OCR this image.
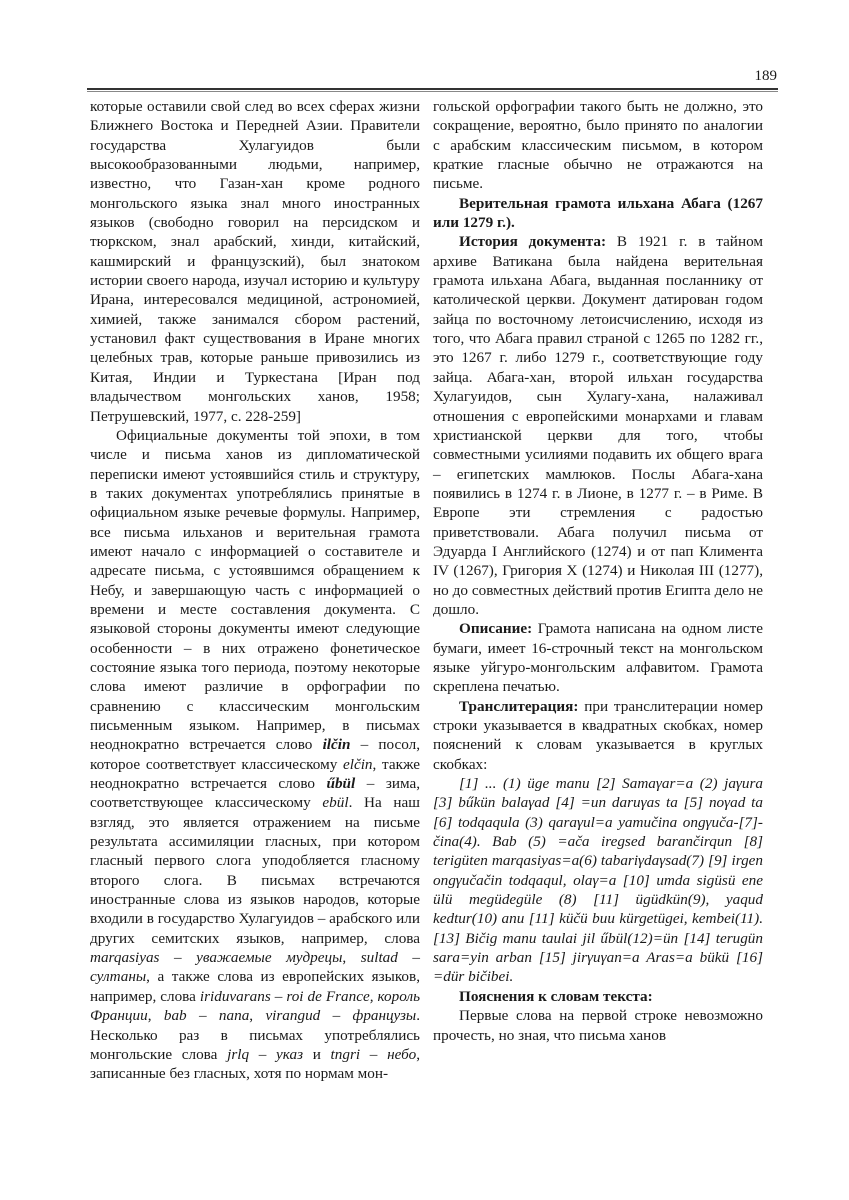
189

которые оставили свой след во всех сферах жизни Ближнего Востока и Передней Азии. Правители государства Хулагуидов были высокообразованными людьми, например, известно, что Газан-хан кроме родного монгольского языка знал много иностранных языков (свободно говорил на персидском и тюркском, знал арабский, хинди, китайский, кашмирский и французский), был знатоком истории своего народа, изучал историю и культуру Ирана, интересовался медициной, астрономией, химией, также занимался сбором растений, установил факт существования в Иране многих целебных трав, которые раньше привозились из Китая, Индии и Туркестана [Иран под владычеством монгольских ханов, 1958; Петрушевский, 1977, с. 228-259]

Официальные документы той эпохи, в том числе и письма ханов из дипломатической переписки имеют устоявшийся стиль и структуру, в таких документах употреблялись принятые в официальном языке речевые формулы. Например, все письма ильханов и верительная грамота имеют начало с информацией о составителе и адресате письма, с устоявшимся обращением к Небу, и завершающую часть с информацией о времени и месте составления документа. С языковой стороны документы имеют следующие особенности – в них отражено фонетическое состояние языка того периода, поэтому некоторые слова имеют различие в орфографии по сравнению с классическим монгольским письменным языком. Например, в письмах неоднократно встречается слово ilčin – посол, которое соответствует классическому elčin, также неоднократно встречается слово űbül – зима, соответствующее классическому ebül. На наш взгляд, это является отражением на письме результата ассимиляции гласных, при котором гласный первого слога уподобляется гласному второго слога. В письмах встречаются иностранные слова из языков народов, которые входили в государство Хулагуидов – арабского или других семитских языков, например, слова marqasiyas – уважаемые мудрецы, sultad – султаны, а также слова из европейских языков, например, слова iriduvarans – roi de France, король Франции, bab – папа, virangud – французы. Несколько раз в письмах употреблялись монгольские слова jrlq – указ и tngri – небо, записанные без гласных, хотя по нормам мон-

гольской орфографии такого быть не должно, это сокращение, вероятно, было принято по аналогии с арабским классическим письмом, в котором краткие гласные обычно не отражаются на письме.

Верительная грамота ильхана Абага (1267 или 1279 г.).

История документа: В 1921 г. в тайном архиве Ватикана была найдена верительная грамота ильхана Абага, выданная посланнику от католической церкви. Документ датирован годом зайца по восточному летоисчислению, исходя из того, что Абага правил страной с 1265 по 1282 гг., это 1267 г. либо 1279 г., соответствующие году зайца. Абага-хан, второй ильхан государства Хулагуидов, сын Хулагу-хана, налаживал отношения с европейскими монархами и главам христианской церкви для того, чтобы совместными усилиями подавить их общего врага – египетских мамлюков. Послы Абага-хана появились в 1274 г. в Лионе, в 1277 г. – в Риме. В Европе эти стремления с радостью приветствовали. Абага получил письма от Эдуарда I Английского (1274) и от пап Климента IV (1267), Григория X (1274) и Николая III (1277), но до совместных действий против Египта дело не дошло.

Описание: Грамота написана на одном листе бумаги, имеет 16-строчный текст на монгольском языке уйгуро-монгольским алфавитом. Грамота скреплена печатью.

Транслитерация: при транслитерации номер строки указывается в квадратных скобках, номер пояснений к словам указывается в круглых скобках:

[1] ... (1) üge manu [2] Samaγar=a (2) jaγura [3] bűkün balaγad [4] =un daruγas ta [5] noγad ta [6] todqaqula (3) qaraγul=a yamučina ongγuča-[7]-čina(4). Bab (5) =ača iregsed barančirqun [8] terigüten marqasiyas=a(6) tabariγdaγsad(7) [9] irgen ongγučačin todqaqul, olaγ=a [10] umda sigüsü ene ülü megüdegüle (8) [11] ügüdkün(9), yaqud kedtur(10) anu [11] küčü buu kürgetügei, kembei(11). [13] Bičig manu taulai jil űbül(12)=ün [14] terugün sara=yin arban [15] jirγuγan=a Aras=a bükü [16] =dür bičibei.

Пояснения к словам текста:

Первые слова на первой строке невозможно прочесть, но зная, что письма ханов
